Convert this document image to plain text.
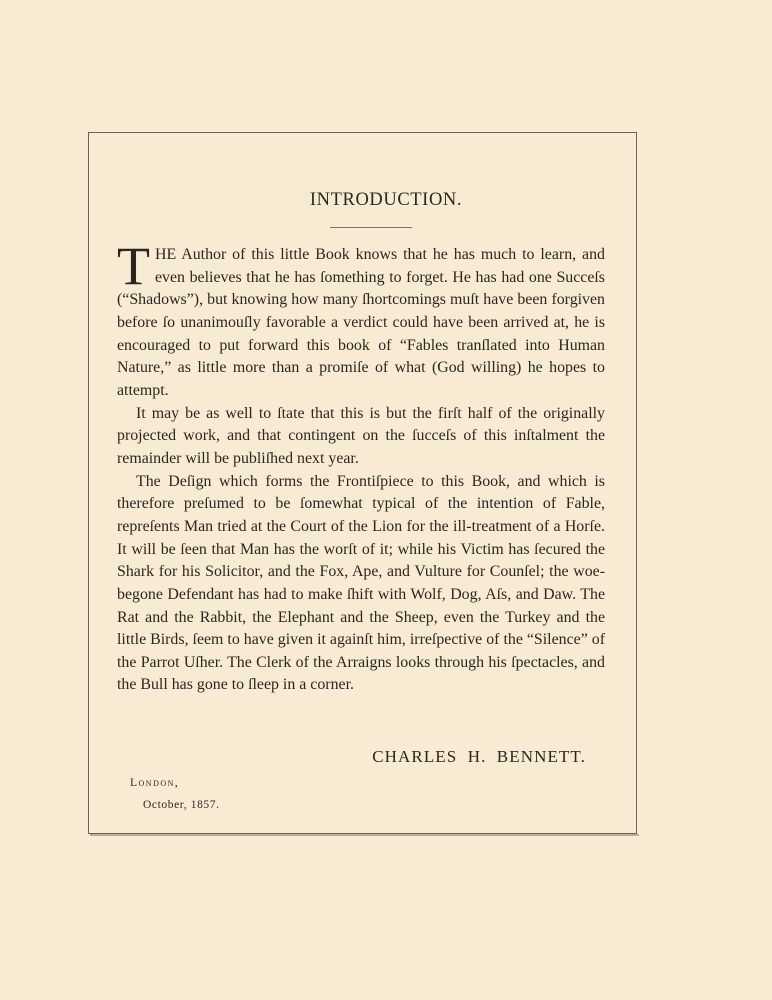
INTRODUCTION.

THE Author of this little Book knows that he has much to learn, and even believes that he has ſomething to forget. He has had one Succeſs (“Shadows”), but knowing how many ſhortcomings muſt have been forgiven before ſo unanimouſly favorable a verdict could have been arrived at, he is encouraged to put forward this book of “Fables tranſlated into Human Nature,” as little more than a promiſe of what (God willing) he hopes to attempt.

It may be as well to ſtate that this is but the firſt half of the originally projected work, and that contingent on the ſucceſs of this inſtalment the remainder will be publiſhed next year.

The Deſign which forms the Frontiſpiece to this Book, and which is therefore preſumed to be ſomewhat typical of the intention of Fable, repreſents Man tried at the Court of the Lion for the ill-treatment of a Horſe. It will be ſeen that Man has the worſt of it; while his Victim has ſecured the Shark for his Solicitor, and the Fox, Ape, and Vulture for Counſel; the woe-begone Defendant has had to make ſhift with Wolf, Dog, Aſs, and Daw. The Rat and the Rabbit, the Elephant and the Sheep, even the Turkey and the little Birds, ſeem to have given it againſt him, irreſpective of the “Silence” of the Parrot Uſher. The Clerk of the Arraigns looks through his ſpectacles, and the Bull has gone to ſleep in a corner.

CHARLES H. BENNETT.
London,
October, 1857.
